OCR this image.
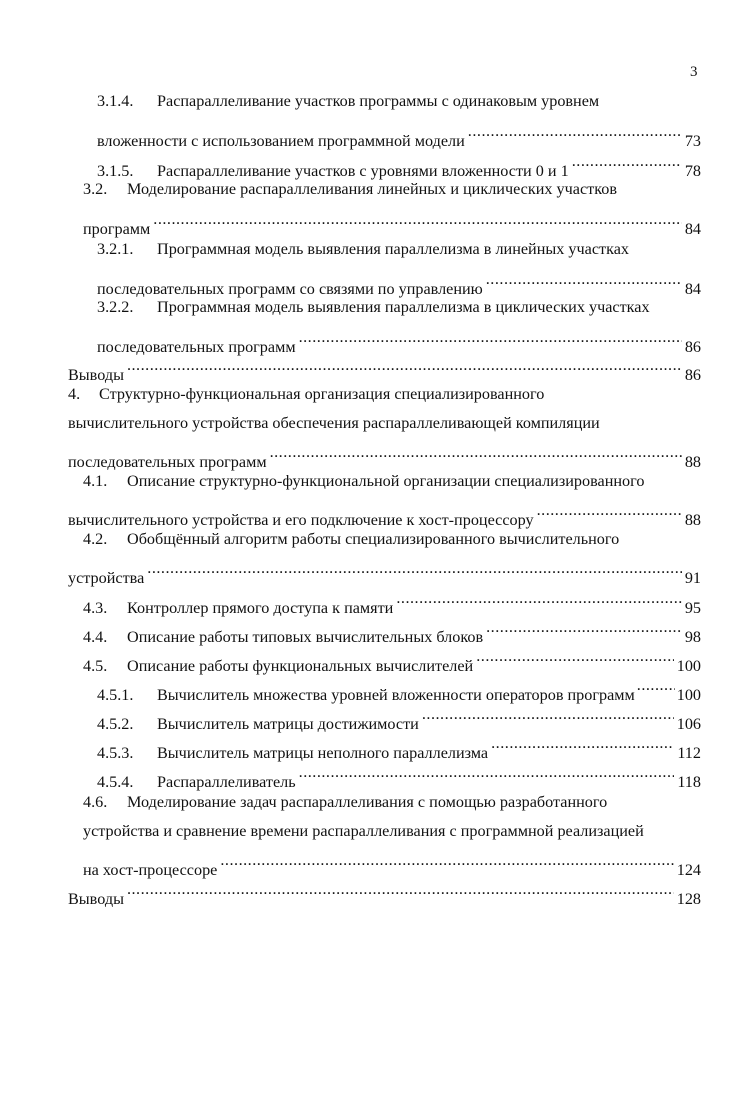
3
3.1.4.	Распараллеливание участков программы с одинаковым уровнем
вложенности с использованием программной модели .....	73
3.1.5.	Распараллеливание участков с уровнями вложенности 0 и 1 .....	78
3.2.	Моделирование распараллеливания линейных и циклических участков
программ .....	84
3.2.1.	Программная модель выявления параллелизма в линейных участках
последовательных программ со связями по управлению .....	84
3.2.2.	Программная модель выявления параллелизма в циклических участках
последовательных программ .....	86
Выводы .....	86
4.	Структурно-функциональная организация специализированного
вычислительного устройства обеспечения распараллеливающей компиляции
последовательных программ .....	88
4.1.	Описание структурно-функциональной организации специализированного
вычислительного устройства и его подключение к хост-процессору .....	88
4.2.	Обобщённый алгоритм работы специализированного вычислительного
устройства .....	91
4.3.	Контроллер прямого доступа к памяти .....	95
4.4.	Описание работы типовых вычислительных блоков .....	98
4.5.	Описание работы функциональных вычислителей .....	100
4.5.1.	Вычислитель множества уровней вложенности операторов программ .....	100
4.5.2.	Вычислитель матрицы достижимости .....	106
4.5.3.	Вычислитель матрицы неполного параллелизма .....	112
4.5.4.	Распараллеливатель .....	118
4.6.	Моделирование задач распараллеливания с помощью разработанного
устройства и сравнение времени распараллеливания с программной реализацией
на хост-процессоре .....	124
Выводы .....	128
